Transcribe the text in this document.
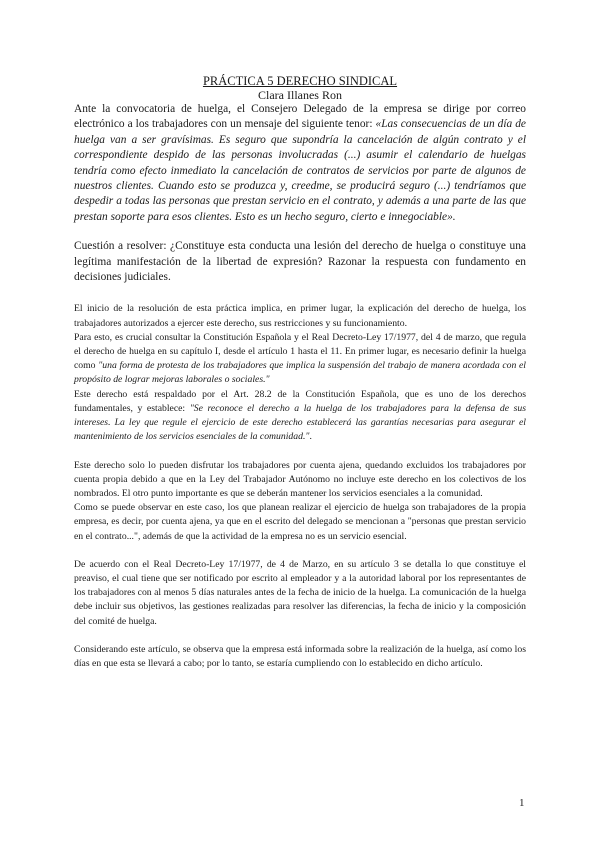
PRÁCTICA 5 DERECHO SINDICAL
Clara Illanes Ron

Ante la convocatoria de huelga, el Consejero Delegado de la empresa se dirige por correo electrónico a los trabajadores con un mensaje del siguiente tenor: «Las consecuencias de un día de huelga van a ser gravísimas. Es seguro que supondría la cancelación de algún contrato y el correspondiente despido de las personas involucradas (...) asumir el calendario de huelgas tendría como efecto inmediato la cancelación de contratos de servicios por parte de algunos de nuestros clientes. Cuando esto se produzca y, creedme, se producirá seguro (...) tendríamos que despedir a todas las personas que prestan servicio en el contrato, y además a una parte de las que prestan soporte para esos clientes. Esto es un hecho seguro, cierto e innegociable».

Cuestión a resolver: ¿Constituye esta conducta una lesión del derecho de huelga o constituye una legítima manifestación de la libertad de expresión? Razonar la respuesta con fundamento en decisiones judiciales.

El inicio de la resolución de esta práctica implica, en primer lugar, la explicación del derecho de huelga, los trabajadores autorizados a ejercer este derecho, sus restricciones y su funcionamiento.

Para esto, es crucial consultar la Constitución Española y el Real Decreto-Ley 17/1977, del 4 de marzo, que regula el derecho de huelga en su capítulo I, desde el artículo 1 hasta el 11. En primer lugar, es necesario definir la huelga como "una forma de protesta de los trabajadores que implica la suspensión del trabajo de manera acordada con el propósito de lograr mejoras laborales o sociales."

Este derecho está respaldado por el Art. 28.2 de la Constitución Española, que es uno de los derechos fundamentales, y establece: "Se reconoce el derecho a la huelga de los trabajadores para la defensa de sus intereses. La ley que regule el ejercicio de este derecho establecerá las garantías necesarias para asegurar el mantenimiento de los servicios esenciales de la comunidad.".

Este derecho solo lo pueden disfrutar los trabajadores por cuenta ajena, quedando excluidos los trabajadores por cuenta propia debido a que en la Ley del Trabajador Autónomo no incluye este derecho en los colectivos de los nombrados. El otro punto importante es que se deberán mantener los servicios esenciales a la comunidad.

Como se puede observar en este caso, los que planean realizar el ejercicio de huelga son trabajadores de la propia empresa, es decir, por cuenta ajena, ya que en el escrito del delegado se mencionan a "personas que prestan servicio en el contrato...", además de que la actividad de la empresa no es un servicio esencial.

De acuerdo con el Real Decreto-Ley 17/1977, de 4 de Marzo, en su artículo 3 se detalla lo que constituye el preaviso, el cual tiene que ser notificado por escrito al empleador y a la autoridad laboral por los representantes de los trabajadores con al menos 5 días naturales antes de la fecha de inicio de la huelga. La comunicación de la huelga debe incluir sus objetivos, las gestiones realizadas para resolver las diferencias, la fecha de inicio y la composición del comité de huelga.

Considerando este artículo, se observa que la empresa está informada sobre la realización de la huelga, así como los días en que esta se llevará a cabo; por lo tanto, se estaría cumpliendo con lo establecido en dicho artículo.

1
